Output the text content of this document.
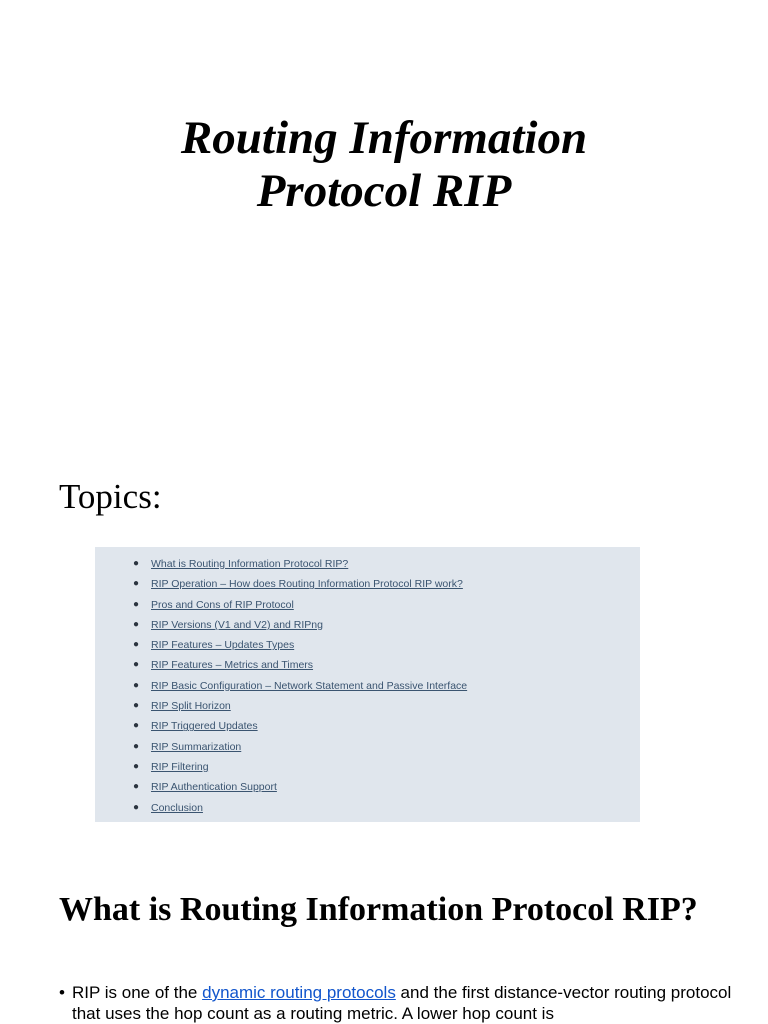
Routing Information
Protocol RIP
Topics:
● What is Routing Information Protocol RIP?
● RIP Operation – How does Routing Information Protocol RIP work?
● Pros and Cons of RIP Protocol
● RIP Versions (V1 and V2) and RIPng
● RIP Features – Updates Types
● RIP Features – Metrics and Timers
● RIP Basic Configuration – Network Statement and Passive Interface
● RIP Split Horizon
● RIP Triggered Updates
● RIP Summarization
● RIP Filtering
● RIP Authentication Support
● Conclusion
What is Routing Information Protocol RIP?
• RIP is one of the dynamic routing protocols and the first distance-vector routing protocol that uses the hop count as a routing metric. A lower hop count is
